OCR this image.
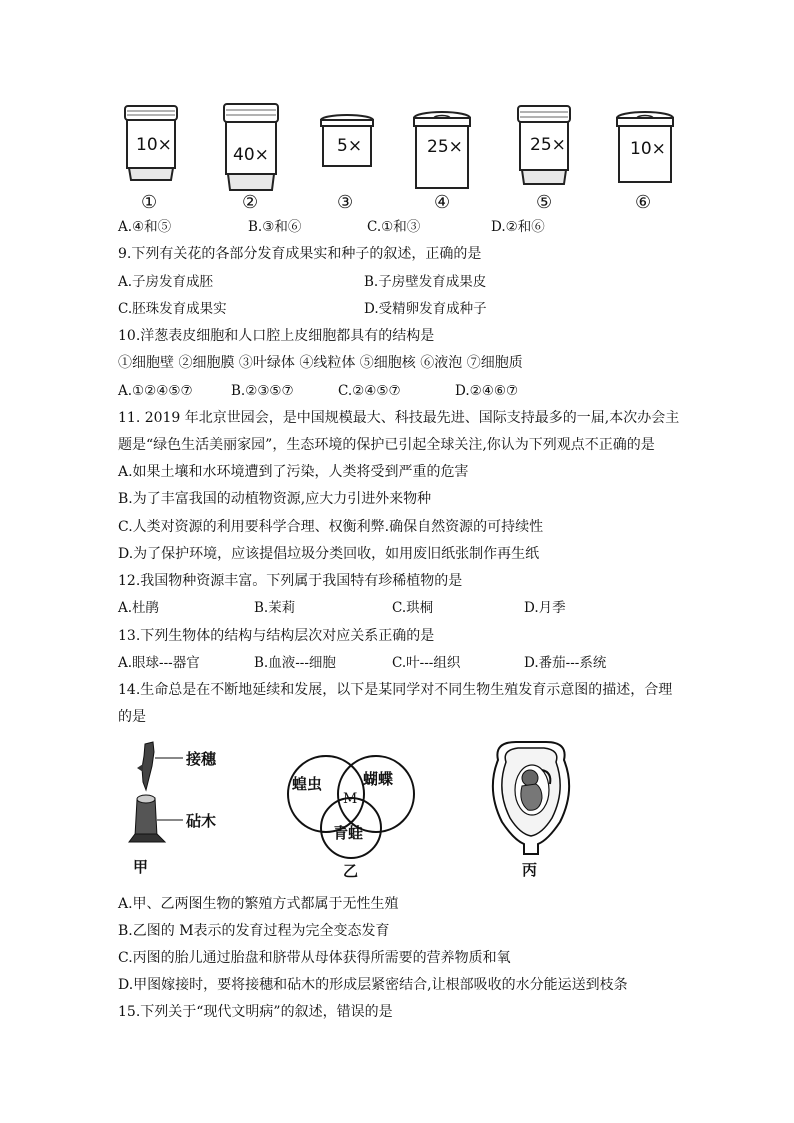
10×	40×	5×	25×	25×	10×
①	②	③	④	⑤	⑥
A.④和⑤	B.③和⑥	C.①和③	D.②和⑥
9.下列有关花的各部分发育成果实和种子的叙述，正确的是
A.子房发育成胚	B.子房壁发育成果皮
C.胚珠发育成果实	D.受精卵发育成种子
10.洋葱表皮细胞和人口腔上皮细胞都具有的结构是
①细胞壁 ②细胞膜 ③叶绿体 ④线粒体 ⑤细胞核 ⑥液泡 ⑦细胞质
A.①②④⑤⑦	B.②③⑤⑦	C.②④⑤⑦	D.②④⑥⑦
11. 2019 年北京世园会，是中国规模最大、科技最先进、国际支持最多的一届,本次办会主
题是“绿色生活美丽家园”，生态环境的保护已引起全球关注,你认为下列观点不正确的是
A.如果土壤和水环境遭到了污染，人类将受到严重的危害
B.为了丰富我国的动植物资源,应大力引进外来物种
C.人类对资源的利用要科学合理、权衡利弊.确保自然资源的可持续性
D.为了保护环境，应该提倡垃圾分类回收，如用废旧纸张制作再生纸
12.我国物种资源丰富。下列属于我国特有珍稀植物的是
A.杜鹃	B.茉莉	C.珙桐	D.月季
13.下列生物体的结构与结构层次对应关系正确的是
A.眼球---器官	B.血液---细胞	C.叶---组织	D.番茄---系统
14.生命总是在不断地延续和发展，以下是某同学对不同生物生殖发育示意图的描述，合理
的是
接穗
砧木
甲
蝗虫	蝴蝶
M
青蛙
乙	丙
A.甲、乙两图生物的繁殖方式都属于无性生殖
B.乙图的 M表示的发育过程为完全变态发育
C.丙图的胎儿通过胎盘和脐带从母体获得所需要的营养物质和氧
D.甲图嫁接时，要将接穗和砧木的形成层紧密结合,让根部吸收的水分能运送到枝条
15.下列关于“现代文明病”的叙述，错误的是
